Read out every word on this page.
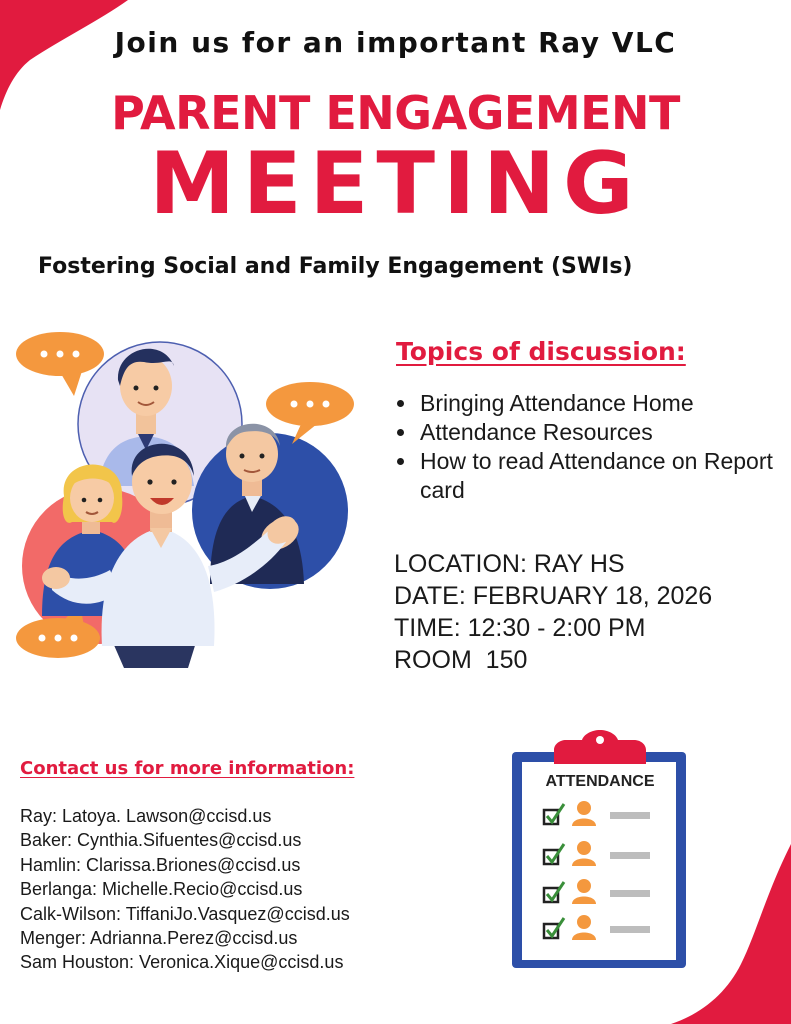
Join us for an important Ray VLC
PARENT ENGAGEMENT
MEETING
Fostering Social and Family Engagement (SWIs)
Topics of discussion:
• Bringing Attendance Home
• Attendance Resources
• How to read Attendance on Report card
LOCATION: RAY HS
DATE: FEBRUARY 18, 2026
TIME: 12:30 - 2:00 PM
ROOM  150
Contact us for more information:
Ray: Latoya. Lawson@ccisd.us
Baker: Cynthia.Sifuentes@ccisd.us
Hamlin: Clarissa.Briones@ccisd.us
Berlanga: Michelle.Recio@ccisd.us
Calk-Wilson: TiffaniJo.Vasquez@ccisd.us
Menger: Adrianna.Perez@ccisd.us
Sam Houston: Veronica.Xique@ccisd.us
ATTENDANCE
